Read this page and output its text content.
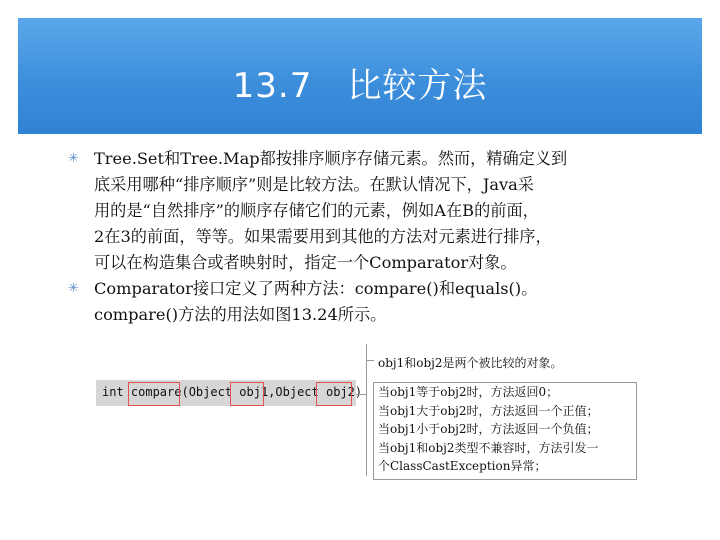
13.7　比较方法
✳ Tree.Set和Tree.Map都按排序顺序存储元素。然而，精确定义到
底采用哪种“排序顺序”则是比较方法。在默认情况下，Java采
用的是“自然排序”的顺序存储它们的元素，例如A在B的前面，
2在3的前面，等等。如果需要用到其他的方法对元素进行排序，
可以在构造集合或者映射时，指定一个Comparator对象。
✳ Comparator接口定义了两种方法：compare()和equals()。
compare()方法的用法如图13.24所示。
int compare(Object obj1,Object obj2)
obj1和obj2是两个被比较的对象。
当obj1等于obj2时，方法返回0；
当obj1大于obj2时，方法返回一个正值；
当obj1小于obj2时，方法返回一个负值；
当obj1和obj2类型不兼容时，方法引发一
个ClassCastException异常；
